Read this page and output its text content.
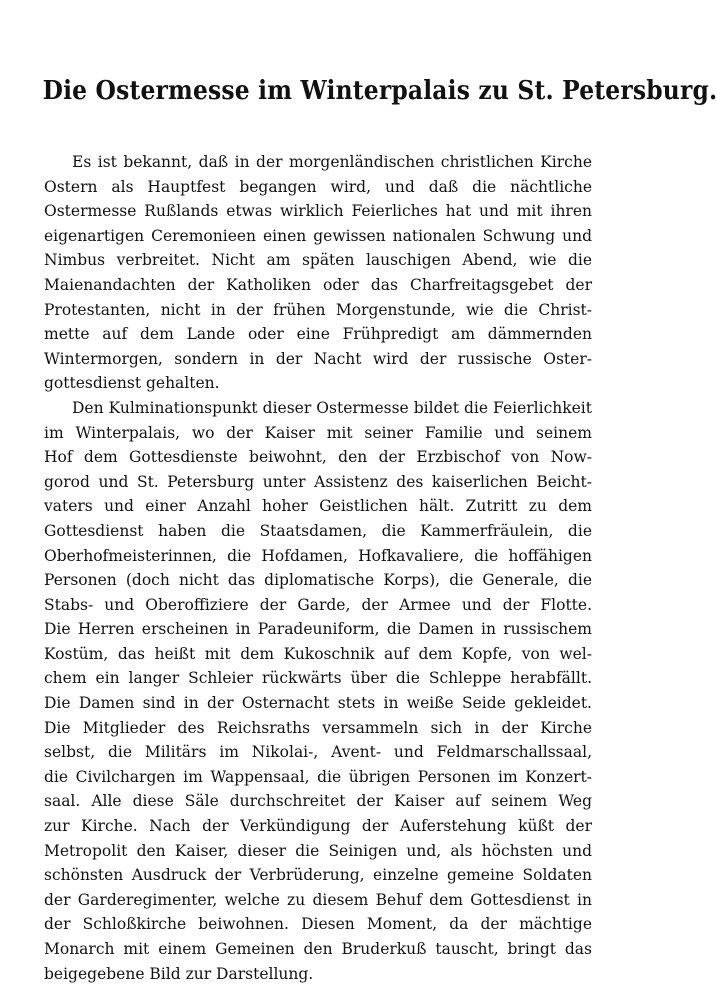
Die Ostermesse im Winterpalais zu St. Petersburg.
Es ist bekannt, daß in der morgenländischen christlichen Kirche
Ostern als Hauptfest begangen wird, und daß die nächtliche
Ostermesse Rußlands etwas wirklich Feierliches hat und mit ihren
eigenartigen Ceremonieen einen gewissen nationalen Schwung und
Nimbus verbreitet. Nicht am späten lauschigen Abend, wie die
Maienandachten der Katholiken oder das Charfreitagsgebet der
Protestanten, nicht in der frühen Morgenstunde, wie die Christ-
mette auf dem Lande oder eine Frühpredigt am dämmernden
Wintermorgen, sondern in der Nacht wird der russische Oster-
gottesdienst gehalten.
Den Kulminationspunkt dieser Ostermesse bildet die Feierlichkeit
im Winterpalais, wo der Kaiser mit seiner Familie und seinem
Hof dem Gottesdienste beiwohnt, den der Erzbischof von Now-
gorod und St. Petersburg unter Assistenz des kaiserlichen Beicht-
vaters und einer Anzahl hoher Geistlichen hält. Zutritt zu dem
Gottesdienst haben die Staatsdamen, die Kammerfräulein, die
Oberhofmeisterinnen, die Hofdamen, Hofkavaliere, die hoffähigen
Personen (doch nicht das diplomatische Korps), die Generale, die
Stabs- und Oberoffiziere der Garde, der Armee und der Flotte.
Die Herren erscheinen in Paradeuniform, die Damen in russischem
Kostüm, das heißt mit dem Kukoschnik auf dem Kopfe, von wel-
chem ein langer Schleier rückwärts über die Schleppe herabfällt.
Die Damen sind in der Osternacht stets in weiße Seide gekleidet.
Die Mitglieder des Reichsraths versammeln sich in der Kirche
selbst, die Militärs im Nikolai-, Avent- und Feldmarschallssaal,
die Civilchargen im Wappensaal, die übrigen Personen im Konzert-
saal. Alle diese Säle durchschreitet der Kaiser auf seinem Weg
zur Kirche. Nach der Verkündigung der Auferstehung küßt der
Metropolit den Kaiser, dieser die Seinigen und, als höchsten und
schönsten Ausdruck der Verbrüderung, einzelne gemeine Soldaten
der Garderegimenter, welche zu diesem Behuf dem Gottesdienst in
der Schloßkirche beiwohnen. Diesen Moment, da der mächtige
Monarch mit einem Gemeinen den Bruderkuß tauscht, bringt das
beigegebene Bild zur Darstellung.
